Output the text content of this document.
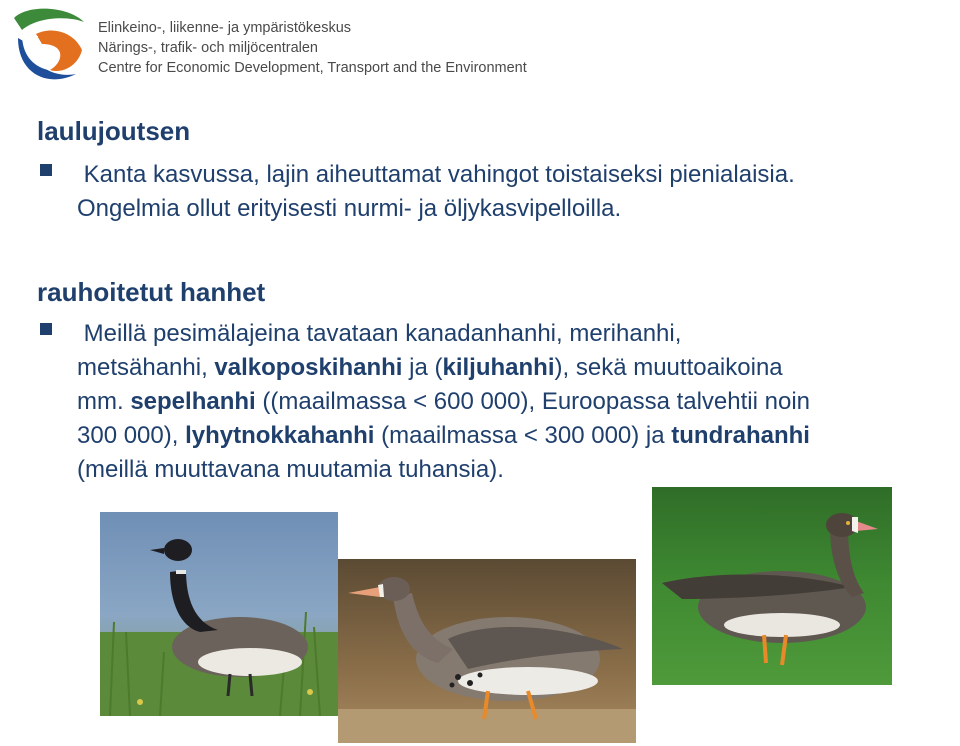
Elinkeino-, liikenne- ja ympäristökeskus
Närings-, trafik- och miljöcentralen
Centre for Economic Development, Transport and the Environment
laulujoutsen

Kanta kasvussa, lajin aiheuttamat vahingot toistaiseksi pienialaisia.
Ongelmia ollut erityisesti nurmi- ja öljykasvipelloilla.

rauhoitetut hanhet

Meillä pesimälajeina tavataan kanadanhanhi, merihanhi,
metsähanhi, valkoposkihanhi ja (kiljuhanhi), sekä muuttoaikoina
mm. sepelhanhi ((maailmassa < 600 000), Euroopassa talvehtii noin
300 000), lyhytnokkahanhi (maailmassa < 300 000) ja tundrahanhi
(meillä muuttavana muutamia tuhansia).
